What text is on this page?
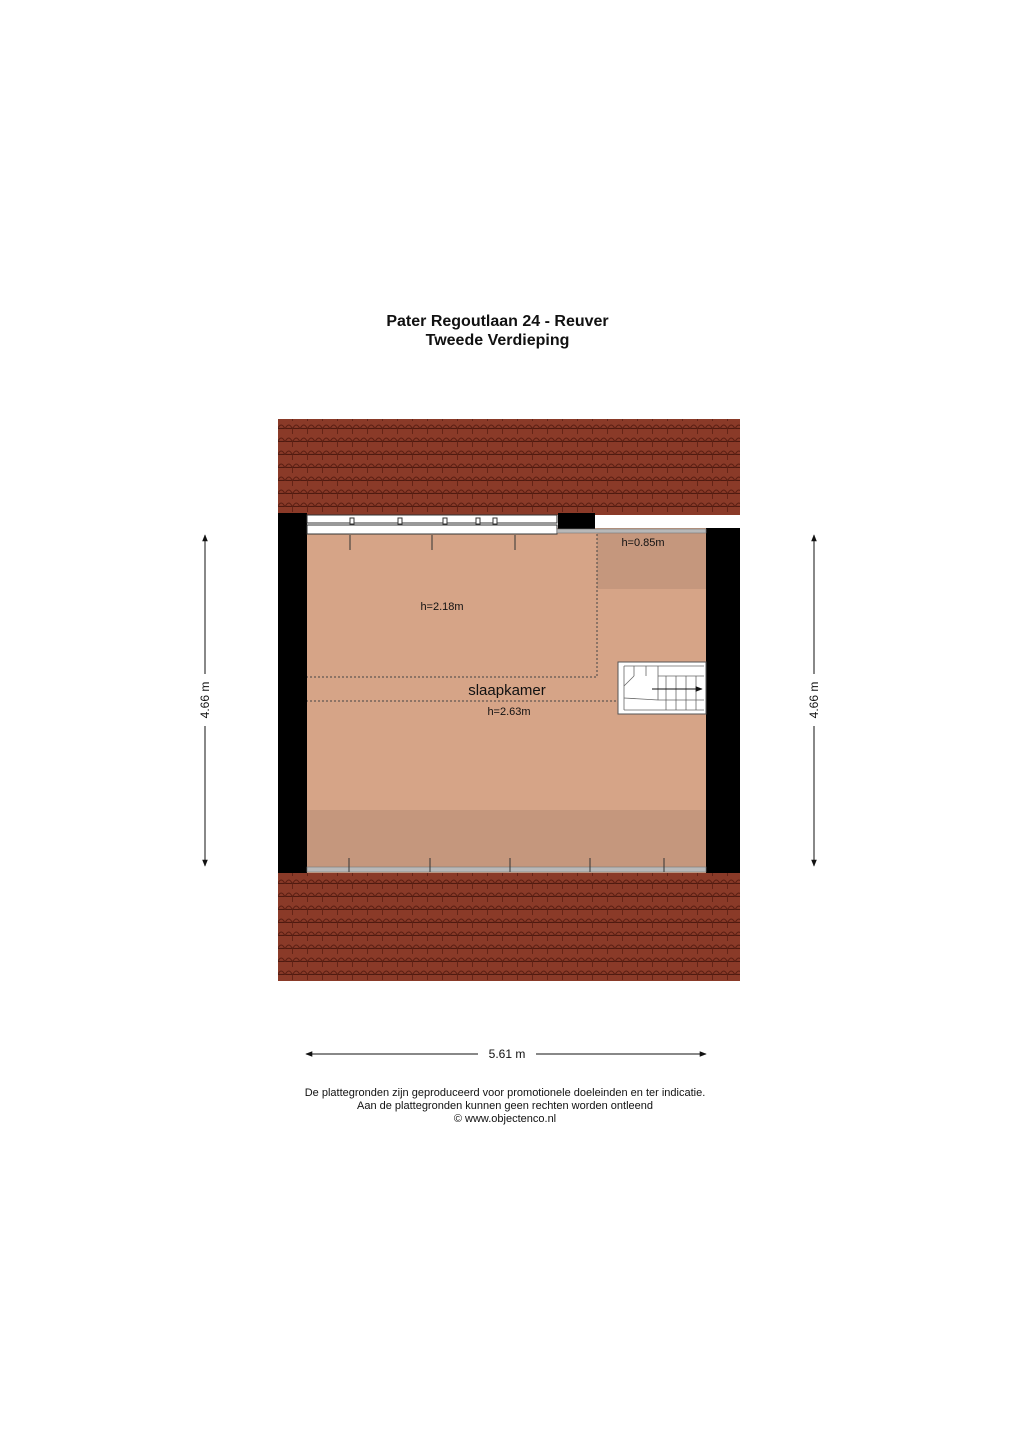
Pater Regoutlaan 24 - Reuver
Tweede Verdieping
h=2.18m
h=0.85m
slaapkamer
h=2.63m
4.66 m	4.66 m
5.61 m
De plattegronden zijn geproduceerd voor promotionele doeleinden en ter indicatie.
Aan de plattegronden kunnen geen rechten worden ontleend
© www.objectenco.nl
